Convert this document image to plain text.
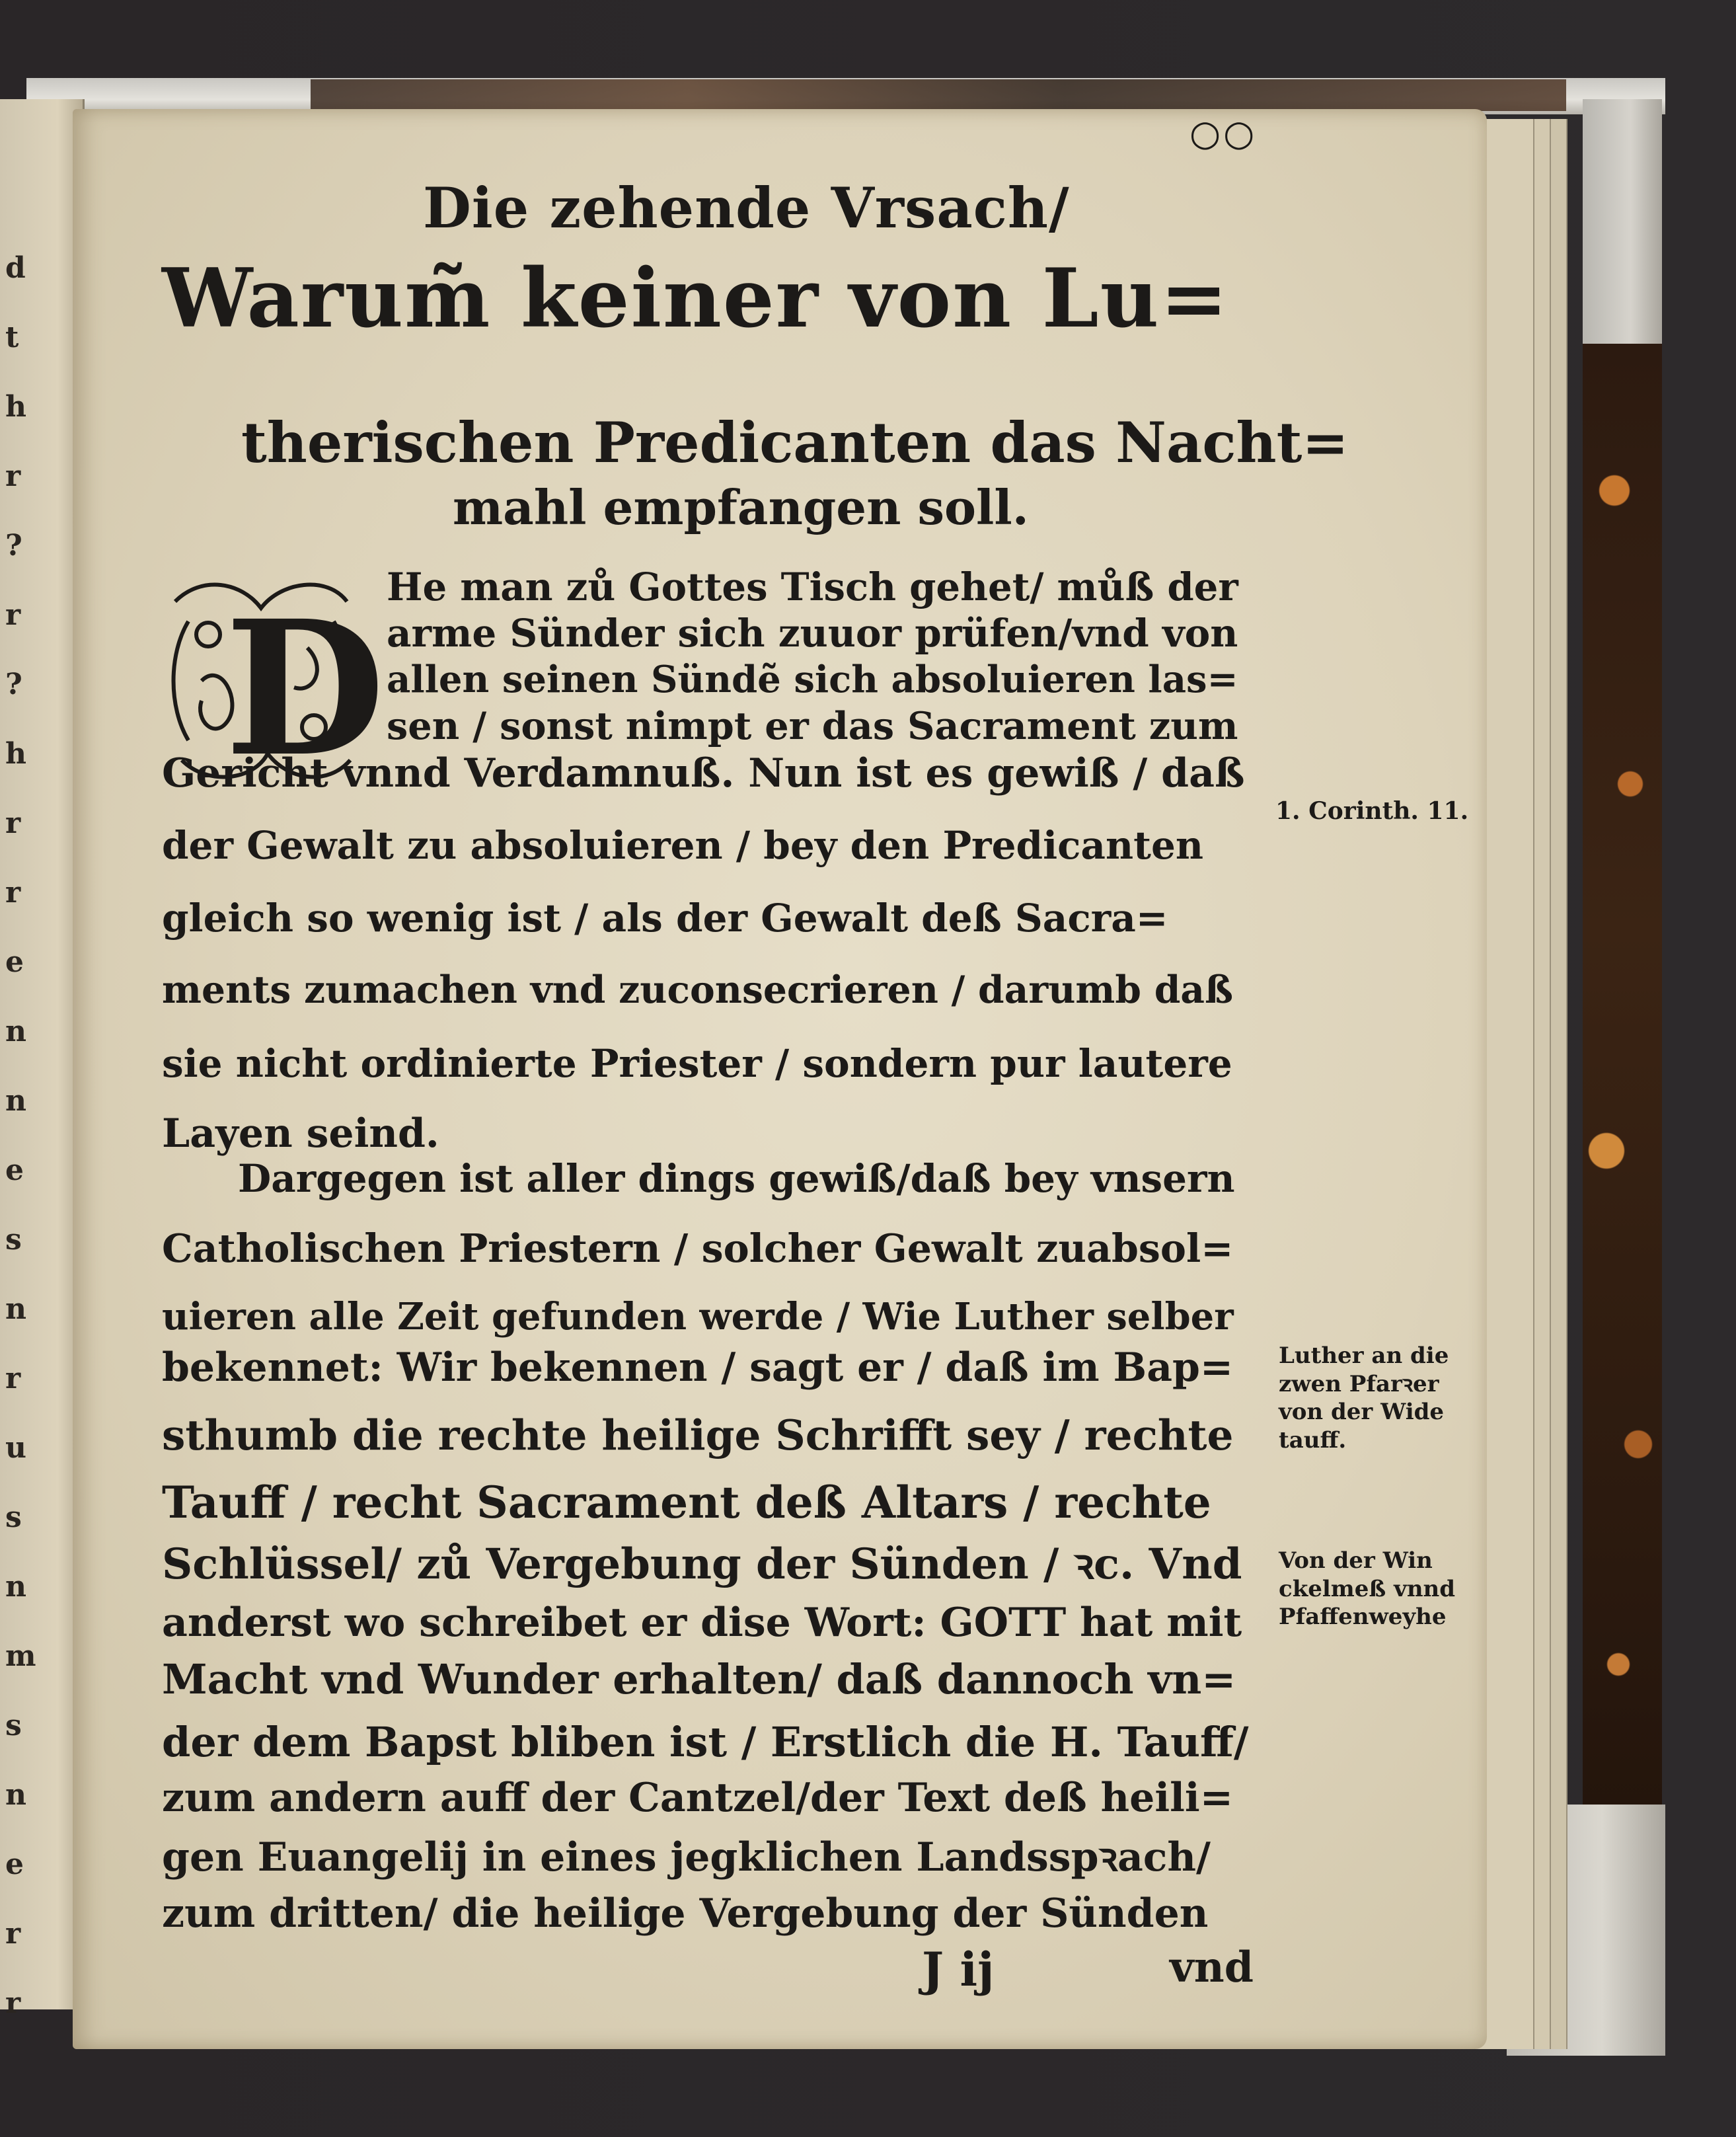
d
t
h
r
?
r
?
h
r
r
e
n
n
e
s
n
r
u
s
n
m
s
n
e
r
r
○○
Die zehende Vrsach/
Warum̃ keiner von Lu=
therischen Predicanten das Nacht=
mahl empfangen soll.
D He man zů Gottes Tisch gehet/ můß der
arme Sünder sich zuuor prüfen/vnd von
allen seinen Sündẽ sich absoluieren las=
sen / sonst nimpt er das Sacrament zum
Gericht vnnd Verdamnuß. Nun ist es gewiß / daß
der Gewalt zu absoluieren / bey den Predicanten
gleich so wenig ist / als der Gewalt deß Sacra=
ments zumachen vnd zuconsecrieren / darumb daß
sie nicht ordinierte Priester / sondern pur lautere
Layen seind.
Dargegen ist aller dings gewiß/daß bey vnsern
Catholischen Priestern / solcher Gewalt zuabsol=
uieren alle Zeit gefunden werde / Wie Luther selber
bekennet: Wir bekennen / sagt er / daß im Bap=
sthumb die rechte heilige Schrifft sey / rechte
Tauff / recht Sacrament deß Altars / rechte
Schlüssel/ zů Vergebung der Sünden / ꝛc. Vnd
anderst wo schreibet er dise Wort: GOTT hat mit
Macht vnd Wunder erhalten/ daß dannoch vn=
der dem Bapst bliben ist / Erstlich die H. Tauff/
zum andern auff der Cantzel/der Text deß heili=
gen Euangelij in eines jegklichen Landsspꝛach/
zum dritten/ die heilige Vergebung der Sünden
J ij	vnd
1. Corinth. 11.
Luther an die
zwen Pfarꝛer
von der Wide
tauff.
Von der Win
ckelmeß vnnd
Pfaffenweyhe
